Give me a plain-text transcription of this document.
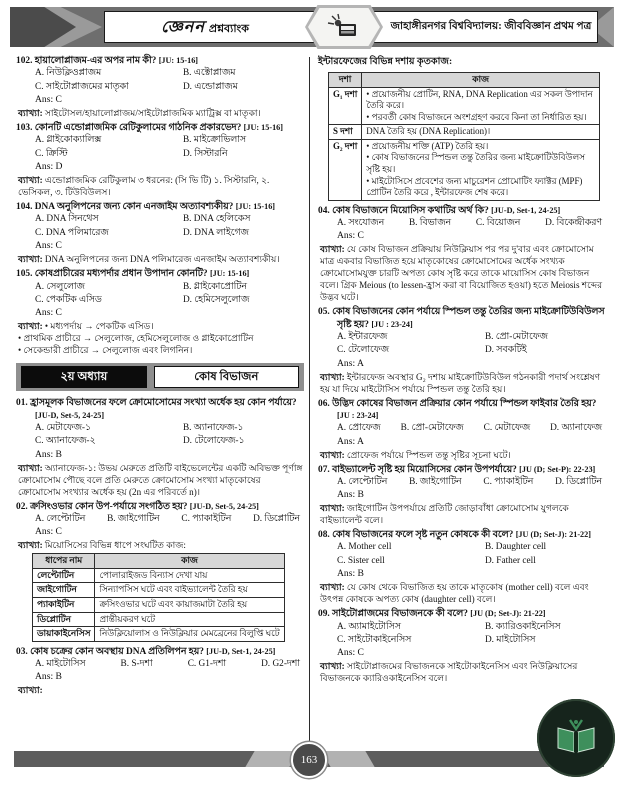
জ্ঞেনন প্রশ্নব্যাংক	জাহাঙ্গীরনগর বিশ্ববিদ্যালয়: জীববিজ্ঞান প্রথম পত্র
102. হায়ালোপ্লাজম-এর অপর নাম কী? [JU: 15-16]
A. নিউক্লিওপ্লাজম	B. এক্টোপ্লাজম
C. সাইটোপ্লাজমের মাতৃকা	D. এন্ডোপ্লাজম
Ans: C
ব্যাখ্যা: সাইটোসল/হায়ালোপ্লাজম/সাইটোপ্লাজমিক ম্যাট্রিক্স বা মাতৃকা।
103. কোনটি এন্ডোপ্লাজমিক রেটিকুলামের গাঠনিক প্রকারভেদ? [JU: 15-16]
A. গ্লাইকোক্যালিক্স	B. মাইক্রোভিলাস
C. ক্রিস্টি	D. সিস্টারনি
Ans: D
ব্যাখ্যা: এন্ডোপ্লাজমিক রেটিকুলাম ৩ ধরনের: (সি ভি টি) ১. সিস্টারনি, ২. ভেসিকল, ৩. টিউবিউলস।
104. DNA অনুলিপনের জন্য কোন এনজাইম অত্যাবশ্যকীয়? [JU: 15-16]
A. DNA সিনথেস	B. DNA হেলিকেস
C. DNA পলিমারেজ	D. DNA লাইগেজ
Ans: C
ব্যাখ্যা: DNA অনুলিপনের জন্য DNA পলিমারেজ এনজাইম অত্যাবশ্যকীয়।
105. কোষপ্রাচীরের মধ্যপর্দার প্রধান উপাদান কোনটি? [JU: 15-16]
A. সেলুলোজ	B. গ্লাইকোপ্রোটিন
C. পেকটিক এসিড	D. হেমিসেলুলোজ
Ans: C
ব্যাখ্যা: • মধ্যপর্দায় → পেকটিক এসিড।
• প্রাথমিক প্রাচীরে → সেলুলোজ, হেমিসেলুলোজ ও গ্লাইকোপ্রোটিন
• সেকেন্ডারী প্রাচীরে → সেলুলোজ এবং লিগনিন।
২য় অধ্যায়	কোষ বিভাজন
01. হ্রাসমূলক বিভাজনের ফলে ক্রোমোসোমের সংখ্যা অর্ধেক হয় কোন পর্যায়ে? [JU-D, Set-5, 24-25]
A. মেটাফেজ-১	B. অ্যানাফেজ-১
C. অ্যানাফেজ-২	D. টেলোফেজ-১
Ans: B
ব্যাখ্যা: অ্যানাফেজ-১: উভয় মেরুতে প্রতিটি বাইভেলেন্টের একটি অবিভক্ত পূর্ণাঙ্গ ক্রোমোসোম পৌছে বলে প্রতি মেরুতে ক্রোমোসোম সংখ্যা মাতৃকোষের ক্রোমোসোম সংখ্যার অর্ধেক হয় (2n এর পরিবর্তে n)।
02. ক্রসিংওভার কোন উপ-পর্যায়ে সংগঠিত হয়? [JU-D, Set-5, 24-25]
A. লেপ্টোটিন B. জাইগোটিন C. প্যাকাইটিন D. ডিপ্লোটিন
Ans: C
ব্যাখ্যা: মিয়োসিসের বিভিন্ন ধাপে সংঘটিত কাজ:
ধাপের নাম	কাজ
লেপ্টোটিন	পোলারাইজড বিন্যাস দেখা যায়
জাইগোটিন	সিন্যাপসিস ঘটে এবং বাইভ্যালেন্ট তৈরি হয়
প্যাকাইটিন	ক্রসিংওভার ঘটে এবং কায়াজমাটা তৈরি হয়
ডিপ্লোটিন	প্রান্তীয়করণ ঘটে
ডায়াকাইনেসিস	নিউক্লিয়োলাস ও নিউক্লিয়ার মেমব্রেনের বিলুপ্তি ঘটে
03. কোষ চক্রের কোন অবস্থায় DNA প্রতিলিপন হয়? [JU-D, Set-1, 24-25]
A. মাইটোসিস	B. S-দশা	C. G1-দশা	D. G2-দশা
Ans: B
ব্যাখ্যা:
ইন্টারফেজের বিভিন্ন দশায় কৃতকাজ:
দশা	কাজ
G₁ দশা	• প্রয়োজনীয় প্রোটিন, RNA, DNA Replication এর সকল উপাদান তৈরি করে।
• পরবর্তী কোষ বিভাজনে অংশগ্রহণ করবে কিনা তা নির্ধারিত হয়।

S দশা	DNA তৈরি হয় (DNA Replication)।

G₂ দশা	• প্রয়োজনীয় শক্তি (ATP) তৈরি হয়।
• কোষ বিভাজনের স্পিন্ডল তন্তু তৈরির জন্য মাইক্রোটিউবিউলস সৃষ্টি হয়।
• মাইটোসিসে প্রবেশের জন্য মাচুরেশন প্রোমোটিং ফ্যাক্টর (MPF) প্রোটিন তৈরি করে , ইন্টারফেজ শেষ করে।
04. কোষ বিভাজনে মিয়োসিস কথাটির অর্থ কি? [JU-D, Set-1, 24-25]
A. সংযোজন	B. বিভাজন	C. বিয়োজন	D. বিকেন্দ্রীকরণ
Ans: C
ব্যাখ্যা: যে কোষ বিভাজন প্রক্রিয়ায় নিউক্লিয়াস পর পর দু'বার এবং ক্রোমোসোম মাত্র একবার বিভাজিত হয়ে মাতৃকোষের ক্রোমোসোমের অর্ধেক সংখ্যক ক্রোমোসোমযুক্ত চারটি অপত্য কোষ সৃষ্টি করে তাকে মায়োসিস কোষ বিভাজন বলে। গ্রিক Meious (to lessen-হ্রাস করা বা বিয়োজিত হওয়া) হতে Meiosis শব্দের উদ্ভব ঘটে।
05. কোষ বিভাজনের কোন পর্যায়ে স্পিন্ডল তন্তু তৈরির জন্য মাইক্রোটিউবিউলস সৃষ্টি হয়? [JU : 23-24]
A. ইন্টারফেজ	B. প্রো-মেটাফেজ
C. টেলোফেজ	D. সবকটিই
Ans: A
ব্যাখ্যা: ইন্টারফেজ অবস্থার G₂ দশায় মাইক্রোটিউবিউল গঠনকারী পদার্থ সংশ্লেষণ হয় যা দিয়ে মাইটোসিস পর্যায়ে স্পিন্ডল তন্তু তৈরি হয়।
06. উদ্ভিদ কোষের বিভাজন প্রক্রিয়ার কোন পর্যায়ে স্পিন্ডল ফাইবার তৈরি হয়? [JU : 23-24]
A. প্রোফেজ B. প্রো-মেটাফেজ C. মেটাফেজ D. অ্যানাফেজ
Ans: A
ব্যাখ্যা: প্রোফেজ পর্যায়ে স্পিন্ডল তন্তু সৃষ্টির সূচনা ঘটে।
07. বাইভ্যালেন্ট সৃষ্টি হয় মিয়োসিসের কোন উপপর্যায়ে? [JU (D; Set-P): 22-23]
A. লেপ্টোটিন B. জাইগোটিন C. প্যাকাইটিন D. ডিপ্লোটিন
Ans: B
ব্যাখ্যা: জাইগোটিন উপপর্যায়ে প্রতিটি জোড়াবাঁধা ক্রোমোসোম যুগলকে বাইভ্যালেন্ট বলে।
08. কোষ বিভাজনের ফলে সৃষ্ট নতুন কোষকে কী বলে? [JU (D; Set-J): 21-22]
A. Mother cell	B. Daughter cell
C. Sister cell	D. Father cell
Ans: B
ব্যাখ্যা: যে কোষ থেকে বিভাজিত হয় তাকে মাতৃকোষ (mother cell) বলে এবং উৎপন্ন কোষকে অপত্য কোষ (daughter cell) বলে।
09. সাইটোপ্লাজমের বিভাজনকে কী বলে? [JU (D; Set-J): 21-22]
A. অ্যামাইটোসিস	B. ক্যারিওকাইনেসিস
C. সাইটোকাইনেসিস	D. মাইটোসিস
Ans: C
ব্যাখ্যা: সাইটোপ্লাজমের বিভাজনকে সাইটোকাইনেসিস এবং নিউক্লিয়াসের বিভাজনকে ক্যারিওকাইনেসিস বলে।
163
